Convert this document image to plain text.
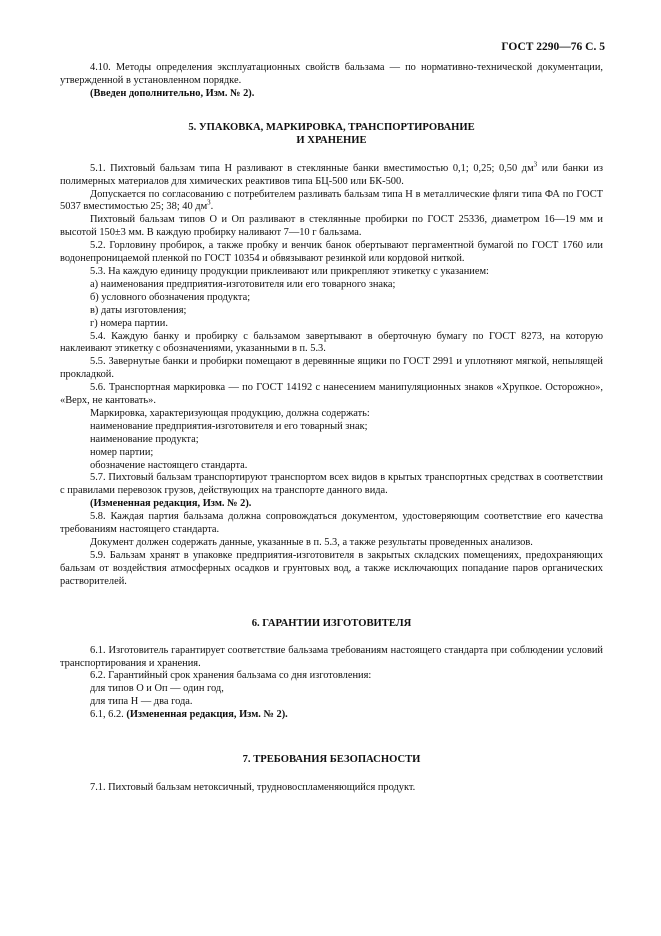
ГОСТ 2290—76 С. 5

4.10. Методы определения эксплуатационных свойств бальзама — по нормативно-технической документации, утвержденной в установленном порядке.

(Введен дополнительно, Изм. № 2).

5. УПАКОВКА, МАРКИРОВКА, ТРАНСПОРТИРОВАНИЕ
И ХРАНЕНИЕ

5.1. Пихтовый бальзам типа Н разливают в стеклянные банки вместимостью 0,1; 0,25; 0,50 $дм^3$ или банки из полимерных материалов для химических реактивов типа БЦ-500 или БК-500.

Допускается по согласованию с потребителем разливать бальзам типа Н в металлические фляги типа ФА по ГОСТ 5037 вместимостью 25; 38; 40 $дм^3$.

Пихтовый бальзам типов О и Оп разливают в стеклянные пробирки по ГОСТ 25336, диаметром 16—19 мм и высотой 150±3 мм. В каждую пробирку наливают 7—10 г бальзама.

5.2. Горловину пробирок, а также пробку и венчик банок обертывают пергаментной бумагой по ГОСТ 1760 или водонепроницаемой пленкой по ГОСТ 10354 и обвязывают резинкой или кордовой ниткой.

5.3. На каждую единицу продукции приклеивают или прикрепляют этикетку с указанием:

а) наименования предприятия-изготовителя или его товарного знака;

б) условного обозначения продукта;

в) даты изготовления;

г) номера партии.

5.4. Каждую банку и пробирку с бальзамом завертывают в оберточную бумагу по ГОСТ 8273, на которую наклеивают этикетку с обозначениями, указанными в п. 5.3.

5.5. Завернутые банки и пробирки помещают в деревянные ящики по ГОСТ 2991 и уплотняют мягкой, непылящей прокладкой.

5.6. Транспортная маркировка — по ГОСТ 14192 с нанесением манипуляционных знаков «Хрупкое. Осторожно», «Верх, не кантовать».

Маркировка, характеризующая продукцию, должна содержать:

наименование предприятия-изготовителя и его товарный знак;

наименование продукта;

номер партии;

обозначение настоящего стандарта.

5.7. Пихтовый бальзам транспортируют транспортом всех видов в крытых транспортных средствах в соответствии с правилами перевозок грузов, действующих на транспорте данного вида.

(Измененная редакция, Изм. № 2).

5.8. Каждая партия бальзама должна сопровождаться документом, удостоверяющим соответствие его качества требованиям настоящего стандарта.

Документ должен содержать данные, указанные в п. 5.3, а также результаты проведенных анализов.

5.9. Бальзам хранят в упаковке предприятия-изготовителя в закрытых складских помещениях, предохраняющих бальзам от воздействия атмосферных осадков и грунтовых вод, а также исключающих попадание паров органических растворителей.

6. ГАРАНТИИ ИЗГОТОВИТЕЛЯ

6.1. Изготовитель гарантирует соответствие бальзама требованиям настоящего стандарта при соблюдении условий транспортирования и хранения.

6.2. Гарантийный срок хранения бальзама со дня изготовления:

для типов О и Оп — один год,

для типа Н — два года.

6.1, 6.2. (Измененная редакция, Изм. № 2).

7. ТРЕБОВАНИЯ БЕЗОПАСНОСТИ

7.1. Пихтовый бальзам нетоксичный, трудновоспламеняющийся продукт.
